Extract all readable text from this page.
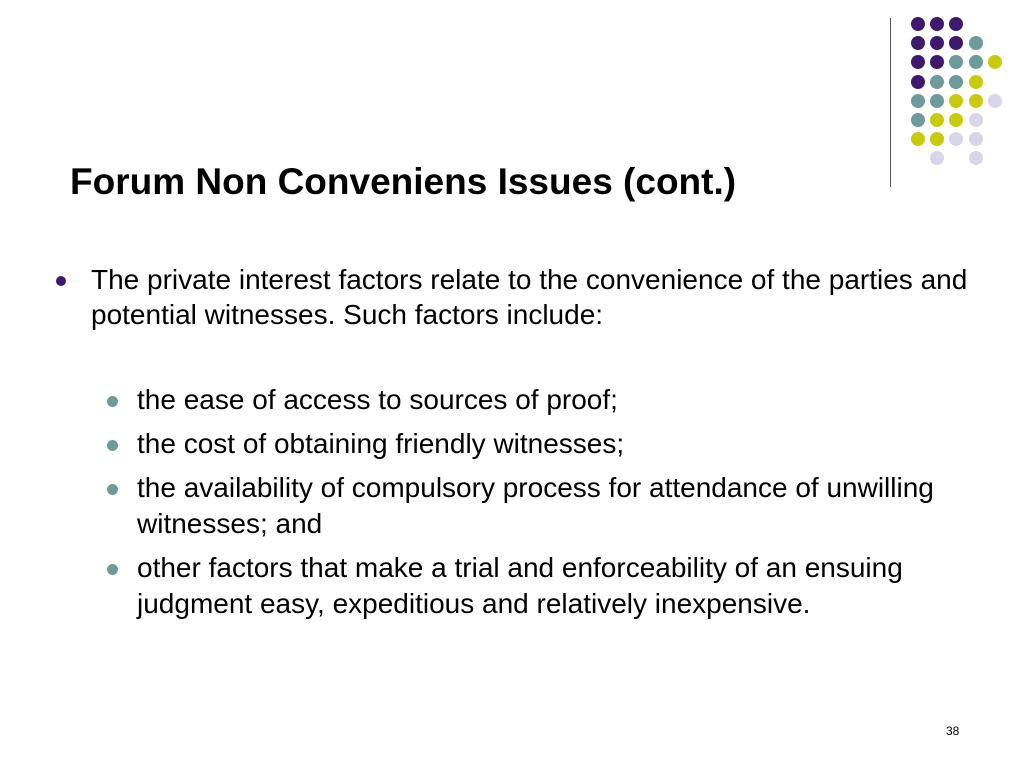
Forum Non Conveniens Issues (cont.)
The private interest factors relate to the convenience of the parties and potential witnesses. Such factors include:
the ease of access to sources of proof;
the cost of obtaining friendly witnesses;
the availability of compulsory process for attendance of unwilling witnesses; and
other factors that make a trial and enforceability of an ensuing judgment easy, expeditious and relatively inexpensive.
38
